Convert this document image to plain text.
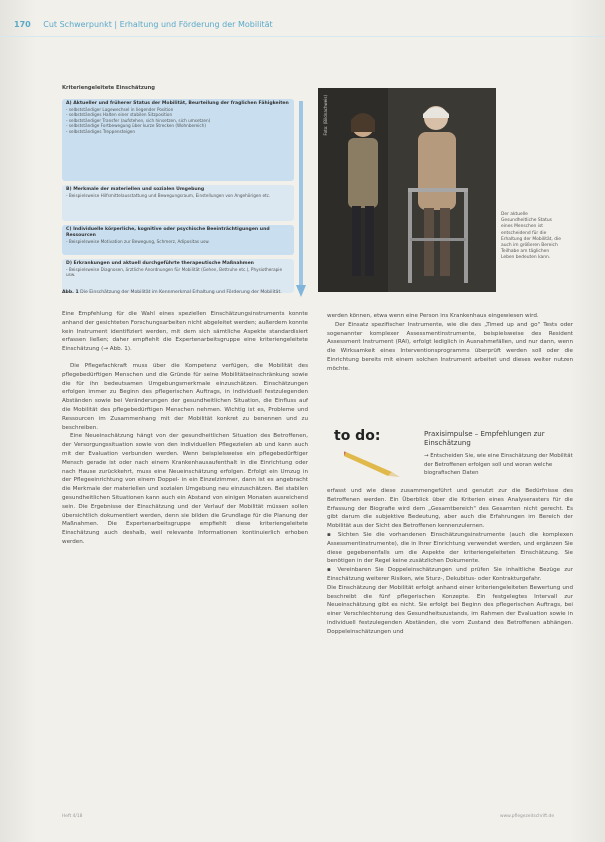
170 Cut Schwerpunkt | Erhaltung und Förderung der Mobilität
Kriteriengeleitete Einschätzung
A) Aktueller und früherer Status der Mobilität, Beurteilung der fraglichen Fähigkeiten
- selbstständiger Lagewechsel in liegender Position
- selbstständiges Halten einer stabilen Sitzposition
- selbstständiger Transfer (aufstehen, sich hinsetzen, sich umsetzen)
- selbstständige Fortbewegung über kurze Strecken (Wohnbereich)
- selbstständiges Treppensteigen
B) Merkmale der materiellen und sozialen Umgebung
- Beispielsweise Hilfsmittelausstattung und Bewegungsraum, Einstellungen von Angehörigen etc.
C) Individuelle körperliche, kognitive oder psychische Beeinträchtigungen und Ressourcen
- Beispielsweise Motivation zur Bewegung, Schmerz, Adipositas usw.
D) Erkrankungen und aktuell durchgeführte therapeutische Maßnahmen
- Beispielsweise Diagnosen, ärztliche Anordnungen für Mobilität (Gehen, Bettruhe etc.), Physiotherapie usw.
Abb. 1 Die Einschätzung der Mobilität im Kennmerkmal Erhaltung und Förderung der Mobilität.
Foto: (Bildnachweis)
Der aktuelle Gesundheitliche Status eines Menschen ist entscheidend für die Erhaltung der Mobilität, die auch im größeren Bereich Teilhabe am täglichen Leben bedeuten kann.

Eine Empfehlung für die Wahl eines speziellen Einschätzungsinstruments konnte anhand der gesichteten Forschungsarbeiten nicht abgeleitet werden; außerdem konnte kein Instrument identifiziert werden, mit dem sich sämtliche Aspekte standardisiert erfassen ließen; daher empfiehlt die Expertenarbeitsgruppe eine kriteriengeleitete Einschätzung (→ Abb. 1).

Die Pflegefachkraft muss über die Kompetenz verfügen, die Mobilität des pflegebedürftigen Menschen und die Gründe für seine Mobilitätseinschränkung sowie die für ihn bedeutsamen Umgebungsmerkmale einzuschätzen. Einschätzungen erfolgen immer zu Beginn des pflegerischen Auftrags, in individuell festzulegenden Abständen sowie bei Veränderungen der gesundheitlichen Situation, die Einfluss auf die Mobilität des pflegebedürftigen Menschen nehmen. Wichtig ist es, Probleme und Ressourcen im Zusammenhang mit der Mobilität konkret zu benennen und zu beschreiben.

Eine Neueinschätzung hängt von der gesundheitlichen Situation des Betroffenen, der Versorgungssituation sowie von den individuellen Pflegezielen ab und kann auch mit der Evaluation verbunden werden. Wenn beispielsweise ein pflegebedürftiger Mensch gerade ist oder nach einem Krankenhausaufenthalt in die Einrichtung oder nach Hause zurückkehrt, muss eine Neueinschätzung erfolgen. Erfolgt ein Umzug in der Pflegeeinrichtung von einem Doppel- in ein Einzelzimmer, dann ist es angebracht die Merkmale der materiellen und sozialen Umgebung neu einzuschätzen. Bei stabilen gesundheitlichen Situationen kann auch ein Abstand von einigen Monaten ausreichend sein. Die Ergebnisse der Einschätzung und der Verlauf der Mobilität müssen sollen übersichtlich dokumentiert werden, denn sie bilden die Grundlage für die Planung der Maßnahmen. Die Expertenarbeitsgruppe empfiehlt diese kriteriengeleitete Einschätzung auch deshalb, weil relevante Informationen kontinuierlich erhoben werden.

werden können, etwa wenn eine Person ins Krankenhaus eingewiesen wird.

Der Einsatz spezifischer Instrumente, wie die des „Timed up and go" Tests oder sogenannter komplexer Assessmentinstrumente, beispielsweise des Resident Assessment Instrument (RAI), erfolgt lediglich in Ausnahmefällen, und nur dann, wenn die Wirksamkeit eines Interventionsprogramms überprüft werden soll oder die Einrichtung bereits mit einem solchen Instrument arbeitet und dieses weiter nutzen möchte.

to do:	Praxisimpulse – Empfehlungen zur Einschätzung
→ Entscheiden Sie, wie eine Einschätzung der Mobilität der Betroffenen erfolgen soll und woran welche biografischen Daten

erfasst und wie diese zusammengeführt und genutzt zur die Bedürfnisse des Betroffenen werden. Ein Überblick über die Kriterien eines Analyserasters für die Erfassung der Biografie wird dem „Gesamtbereich" des Gesamten nicht gerecht. Es gibt darum die subjektive Bedeutung, aber auch die Erfahrungen im Bereich der Mobilität aus der Sicht des Betroffenen kennenzulernen.

▪ Sichten Sie die vorhandenen Einschätzungsinstrumente (auch die komplexen Assessmentinstrumente), die in Ihrer Einrichtung verwendet werden, und ergänzen Sie diese gegebenenfalls um die Aspekte der kriteriengeleiteten Einschätzung. Sie benötigen in der Regel keine zusätzlichen Dokumente.

▪ Vereinbaren Sie Doppeleinschätzungen und prüfen Sie inhaltliche Bezüge zur Einschätzung weiterer Risiken, wie Sturz-, Dekubitus- oder Kontrakturgefahr.

Die Einschätzung der Mobilität erfolgt anhand einer kriteriengeleiteten Bewertung und beschreibt die fünf pflegerischen Konzepte. Ein festgelegtes Intervall zur Neueinschätzung gibt es nicht. Sie erfolgt bei Beginn des pflegerischen Auftrags, bei einer Verschlechterung des Gesundheitszustands, im Rahmen der Evaluation sowie in individuell festzulegenden Abständen, die vom Zustand des Betroffenen abhängen. Doppeleinschätzungen und

Heft 4/18	www.pflegezeitschrift.de
